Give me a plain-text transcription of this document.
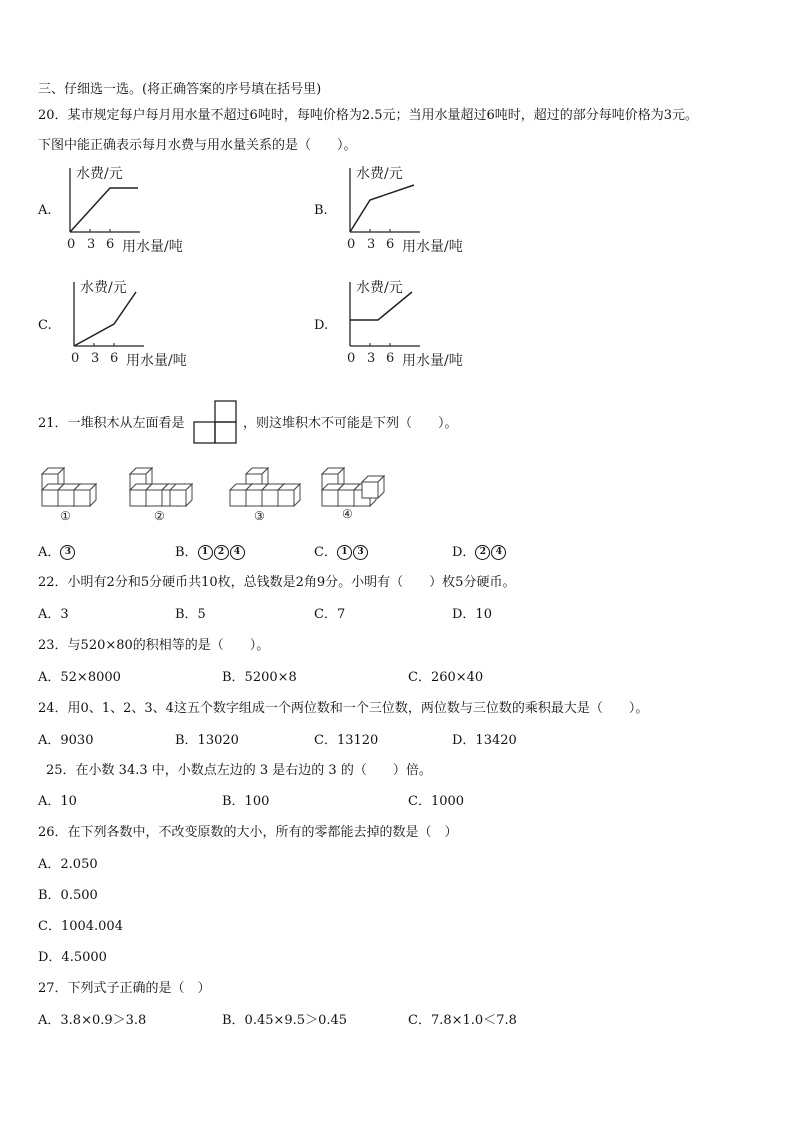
三、仔细选一选。(将正确答案的序号填在括号里)
20．某市规定每户每月用水量不超过6吨时，每吨价格为2.5元；当用水量超过6吨时，超过的部分每吨价格为3元。
下图中能正确表示每月水费与用水量关系的是（　　）。
A.
水费/元
0 3 6 用水量/吨
B.
水费/元
0 3 6 用水量/吨
C.
水费/元
0 3 6 用水量/吨
D.
水费/元
0 3 6 用水量/吨
21．一堆积木从左面看是	，则这堆积木不可能是下列（　　）。
①	②	③	④
A． 3	B． 1 2 4	C． 1 3	D． 2 4
22．小明有2分和5分硬币共10枚，总钱数是2角9分。小明有（　　）枚5分硬币。
A．3	B．5	C．7	D．10
23．与520×80的积相等的是（　　）。
A．52×8000	B．5200×8	C．260×40
24．用0、1、2、3、4这五个数字组成一个两位数和一个三位数，两位数与三位数的乘积最大是（　　）。
A．9030	B．13020	C．13120	D．13420
25．在小数 34.3 中，小数点左边的 3 是右边的 3 的（　　）倍。
A．10	B．100	C．1000
26．在下列各数中，不改变原数的大小，所有的零都能去掉的数是（　）
A．2.050
B．0.500
C．1004.004
D．4.5000
27．下列式子正确的是（　）
A．3.8×0.9＞3.8	B．0.45×9.5＞0.45	C．7.8×1.0＜7.8
